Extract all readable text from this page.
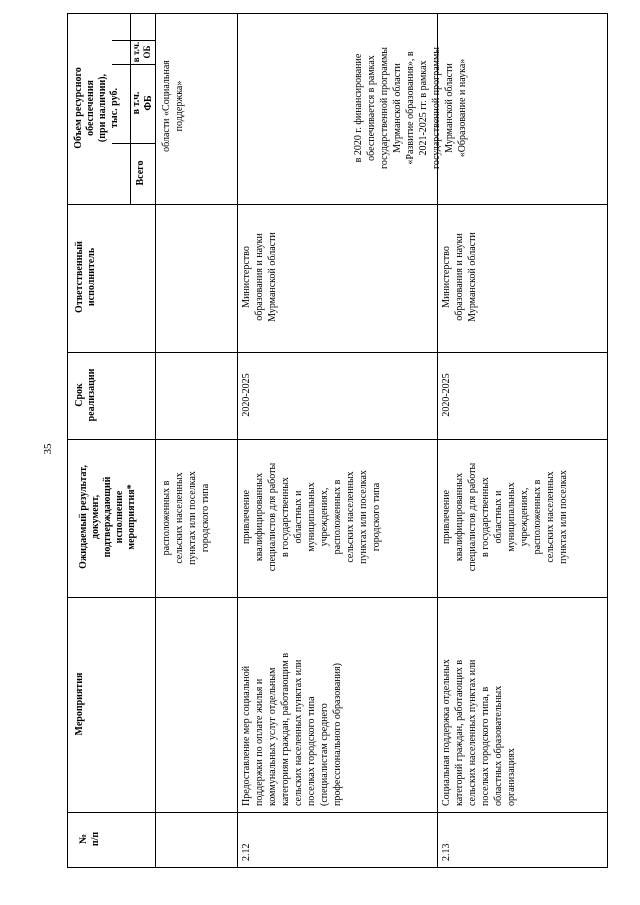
35
№
п/п
Мероприятия
Ожидаемый результат,
документ,
подтверждающий
исполнение
мероприятия*
Срок
реализации
Ответственный
исполнитель
Объем ресурсного
обеспечения
(при наличии),
тыс. руб.
Всего
в т.ч.
ФБ
в т.ч.
ОБ
расположенных в
сельских населенных
пунктах или поселках
городского типа
области «Социальная
поддержка»
2.12
Предоставление мер социальной
поддержки по оплате жилья и
коммунальных услуг отдельным
категориям граждан, работающим в
сельских населенных пунктах или
поселках городского типа
(специалистам среднего
профессионального образования)
привлечение
квалифицированных
специалистов для работы
в государственных
областных и
муниципальных
учреждениях,
расположенных в
сельских населенных
пунктах или поселках
городского типа
2020-2025
Министерство
образования и науки
Мурманской области
2.13
Социальная поддержка отдельных
категорий граждан, работающих в
сельских населенных пунктах или
поселках городского типа, в
областных образовательных
организациях
привлечение
квалифицированных
специалистов для работы
в государственных
областных и
муниципальных
учреждениях,
расположенных в
сельских населенных
пунктах или поселках
2020-2025
Министерство
образования и науки
Мурманской области
в 2020 г. финансирование
обеспечивается в рамках
государственной программы
Мурманской области
«Развитие образования», в
2021-2025 гг. в рамках
государственной программы
Мурманской области
«Образование и наука»
